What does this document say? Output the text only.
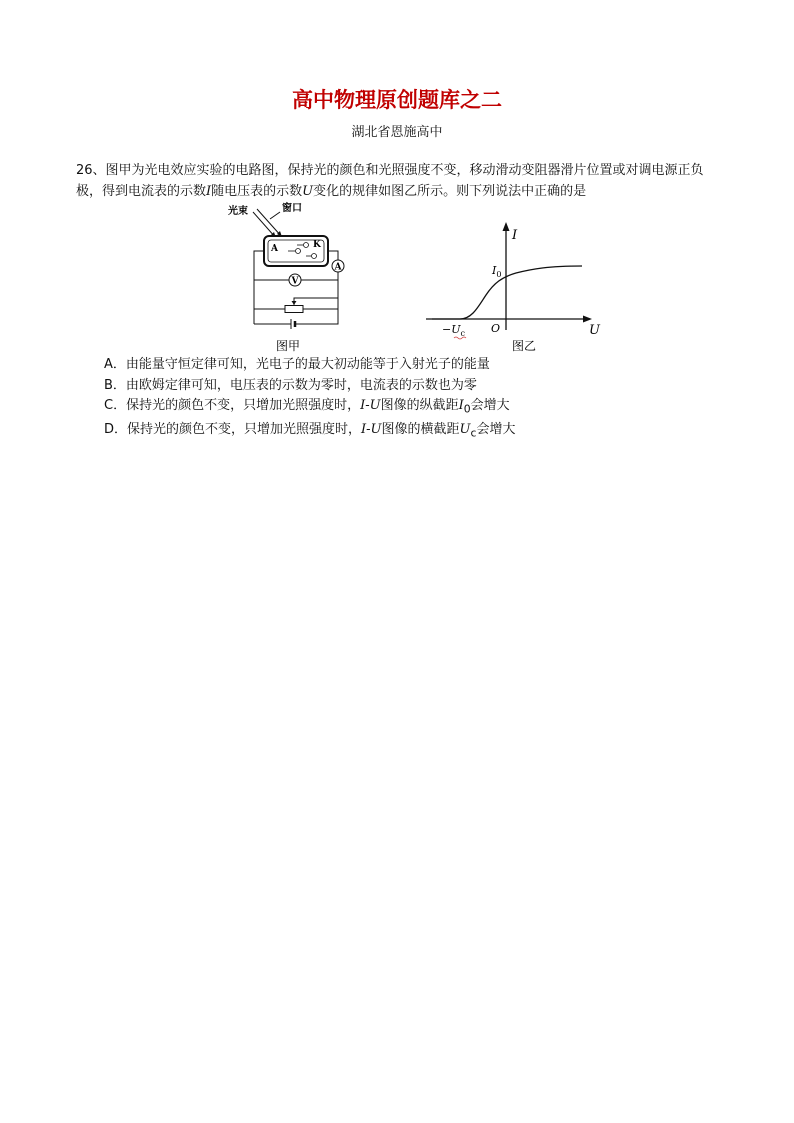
高中物理原创题库之二
湖北省恩施高中
26、图甲为光电效应实验的电路图，保持光的颜色和光照强度不变，移动滑动变阻器滑片位置或对调电源正负极，得到电流表的示数I随电压表的示数U变化的规律如图乙所示。则下列说法中正确的是
光束	窗口
A	K
A
V
图甲
I
U
$I_0$
$-U_c$ O
图乙
A．由能量守恒定律可知，光电子的最大初动能等于入射光子的能量
B．由欧姆定律可知，电压表的示数为零时，电流表的示数也为零
C．保持光的颜色不变，只增加光照强度时，I-U图像的纵截距$I_0$会增大
D．保持光的颜色不变，只增加光照强度时，I-U图像的横截距$U_c$会增大
